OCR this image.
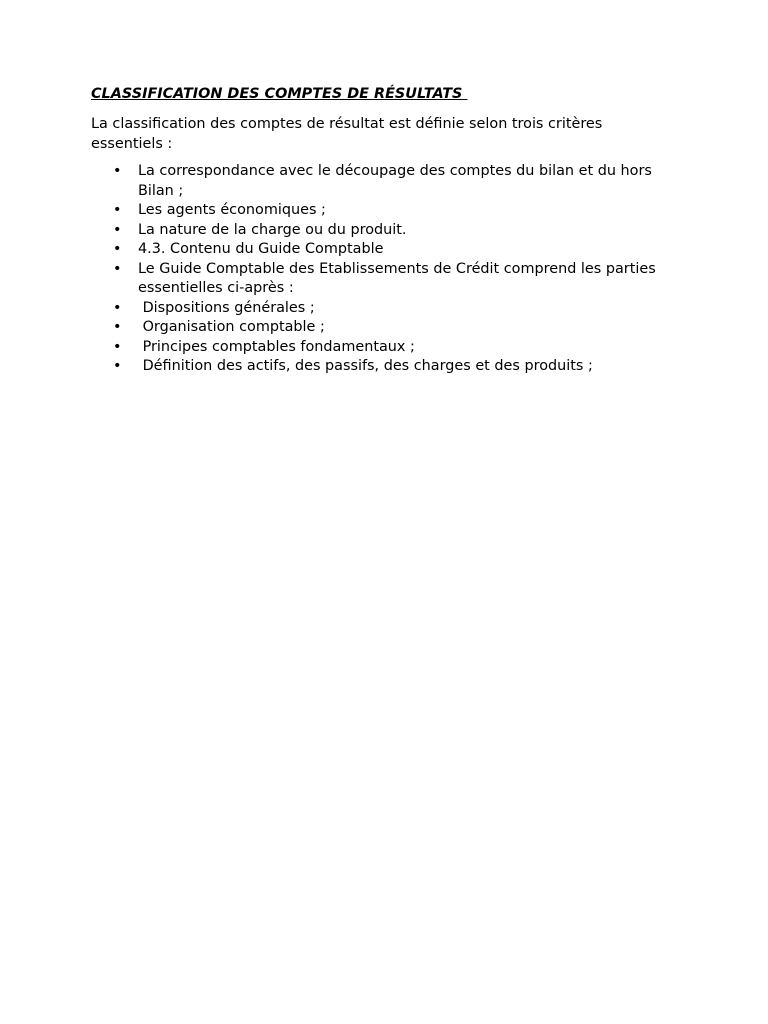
CLASSIFICATION DES COMPTES DE RÉSULTATS

La classification des comptes de résultat est définie selon trois critères essentiels :

• La correspondance avec le découpage des comptes du bilan et du hors Bilan ;
• Les agents économiques ;
• La nature de la charge ou du produit.
• 4.3. Contenu du Guide Comptable
• Le Guide Comptable des Etablissements de Crédit comprend les parties essentielles ci-après :
• Dispositions générales ;
• Organisation comptable ;
• Principes comptables fondamentaux ;
• Définition des actifs, des passifs, des charges et des produits ;
